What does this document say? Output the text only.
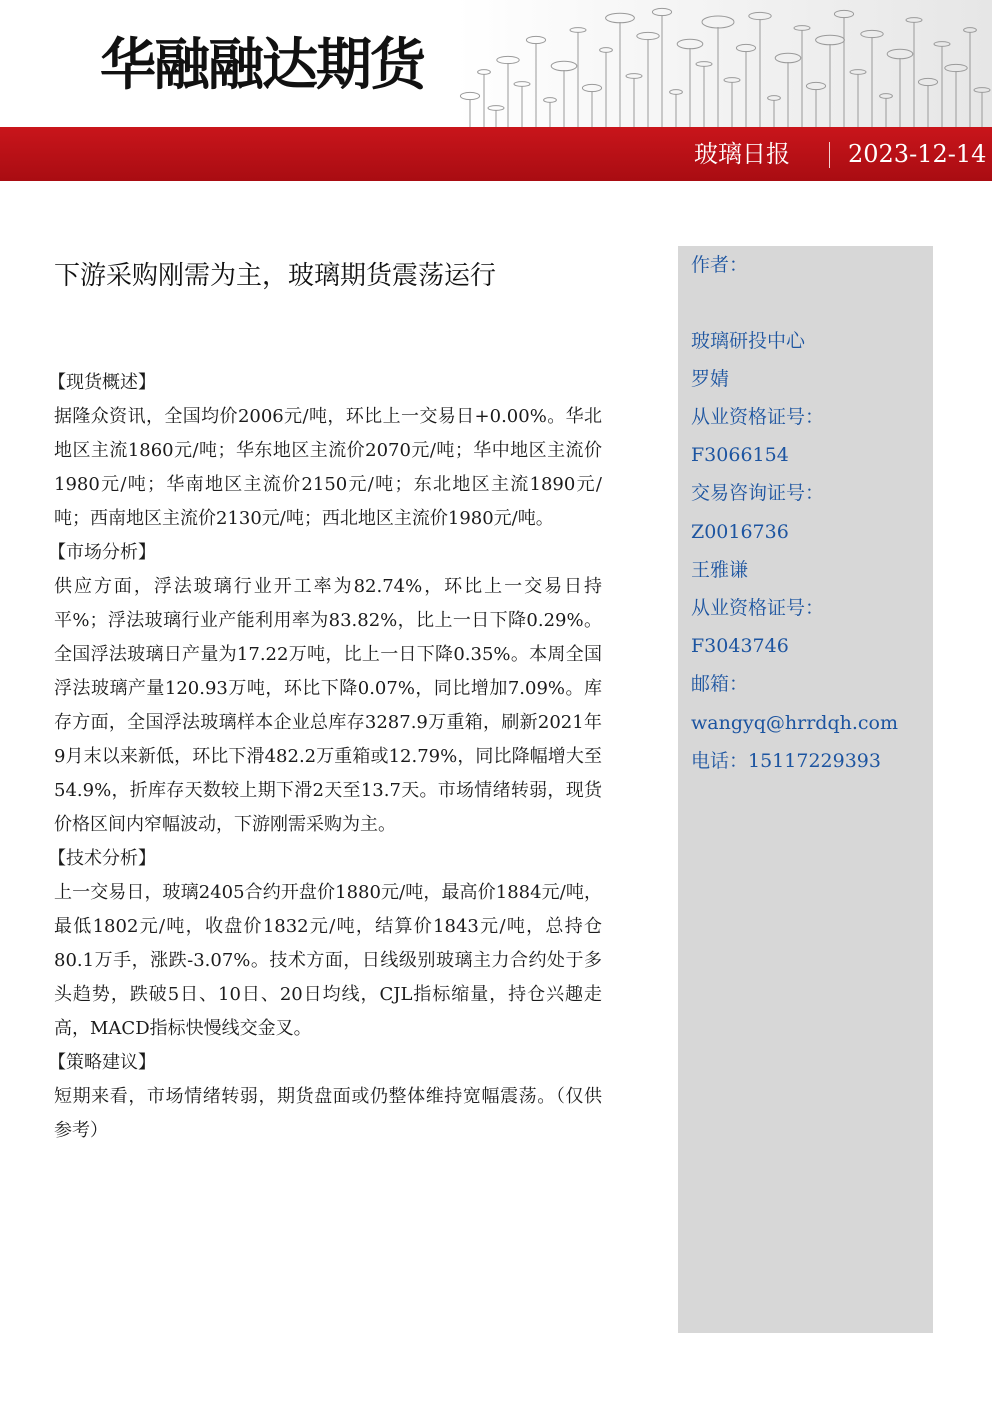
华融融达期货
玻璃日报 2023-12-14
下游采购刚需为主，玻璃期货震荡运行

【现货概述】

据隆众资讯，全国均价2006元/吨，环比上一交易日+0.00%。华北地区主流1860元/吨；华东地区主流价2070元/吨；华中地区主流价1980元/吨；华南地区主流价2150元/吨；东北地区主流1890元/吨；西南地区主流价2130元/吨；西北地区主流价1980元/吨。

【市场分析】

供应方面，浮法玻璃行业开工率为82.74%，环比上一交易日持平%；浮法玻璃行业产能利用率为83.82%，比上一日下降0.29%。全国浮法玻璃日产量为17.22万吨，比上一日下降0.35%。本周全国浮法玻璃产量120.93万吨，环比下降0.07%，同比增加7.09%。库存方面，全国浮法玻璃样本企业总库存3287.9万重箱，刷新2021年9月末以来新低，环比下滑482.2万重箱或12.79%，同比降幅增大至54.9%，折库存天数较上期下滑2天至13.7天。市场情绪转弱，现货价格区间内窄幅波动，下游刚需采购为主。

【技术分析】

上一交易日，玻璃2405合约开盘价1880元/吨，最高价1884元/吨，最低1802元/吨，收盘价1832元/吨，结算价1843元/吨，总持仓80.1万手，涨跌-3.07%。技术方面，日线级别玻璃主力合约处于多头趋势，跌破5日、10日、20日均线，CJL指标缩量，持仓兴趣走高，MACD指标快慢线交金叉。

【策略建议】

短期来看，市场情绪转弱，期货盘面或仍整体维持宽幅震荡。（仅供参考）

作者：
玻璃研投中心
罗婧
从业资格证号：
F3066154
交易咨询证号：
Z0016736
王雅谦
从业资格证号：
F3043746
邮箱：
wangyq@hrrdqh.com
电话：15117229393
